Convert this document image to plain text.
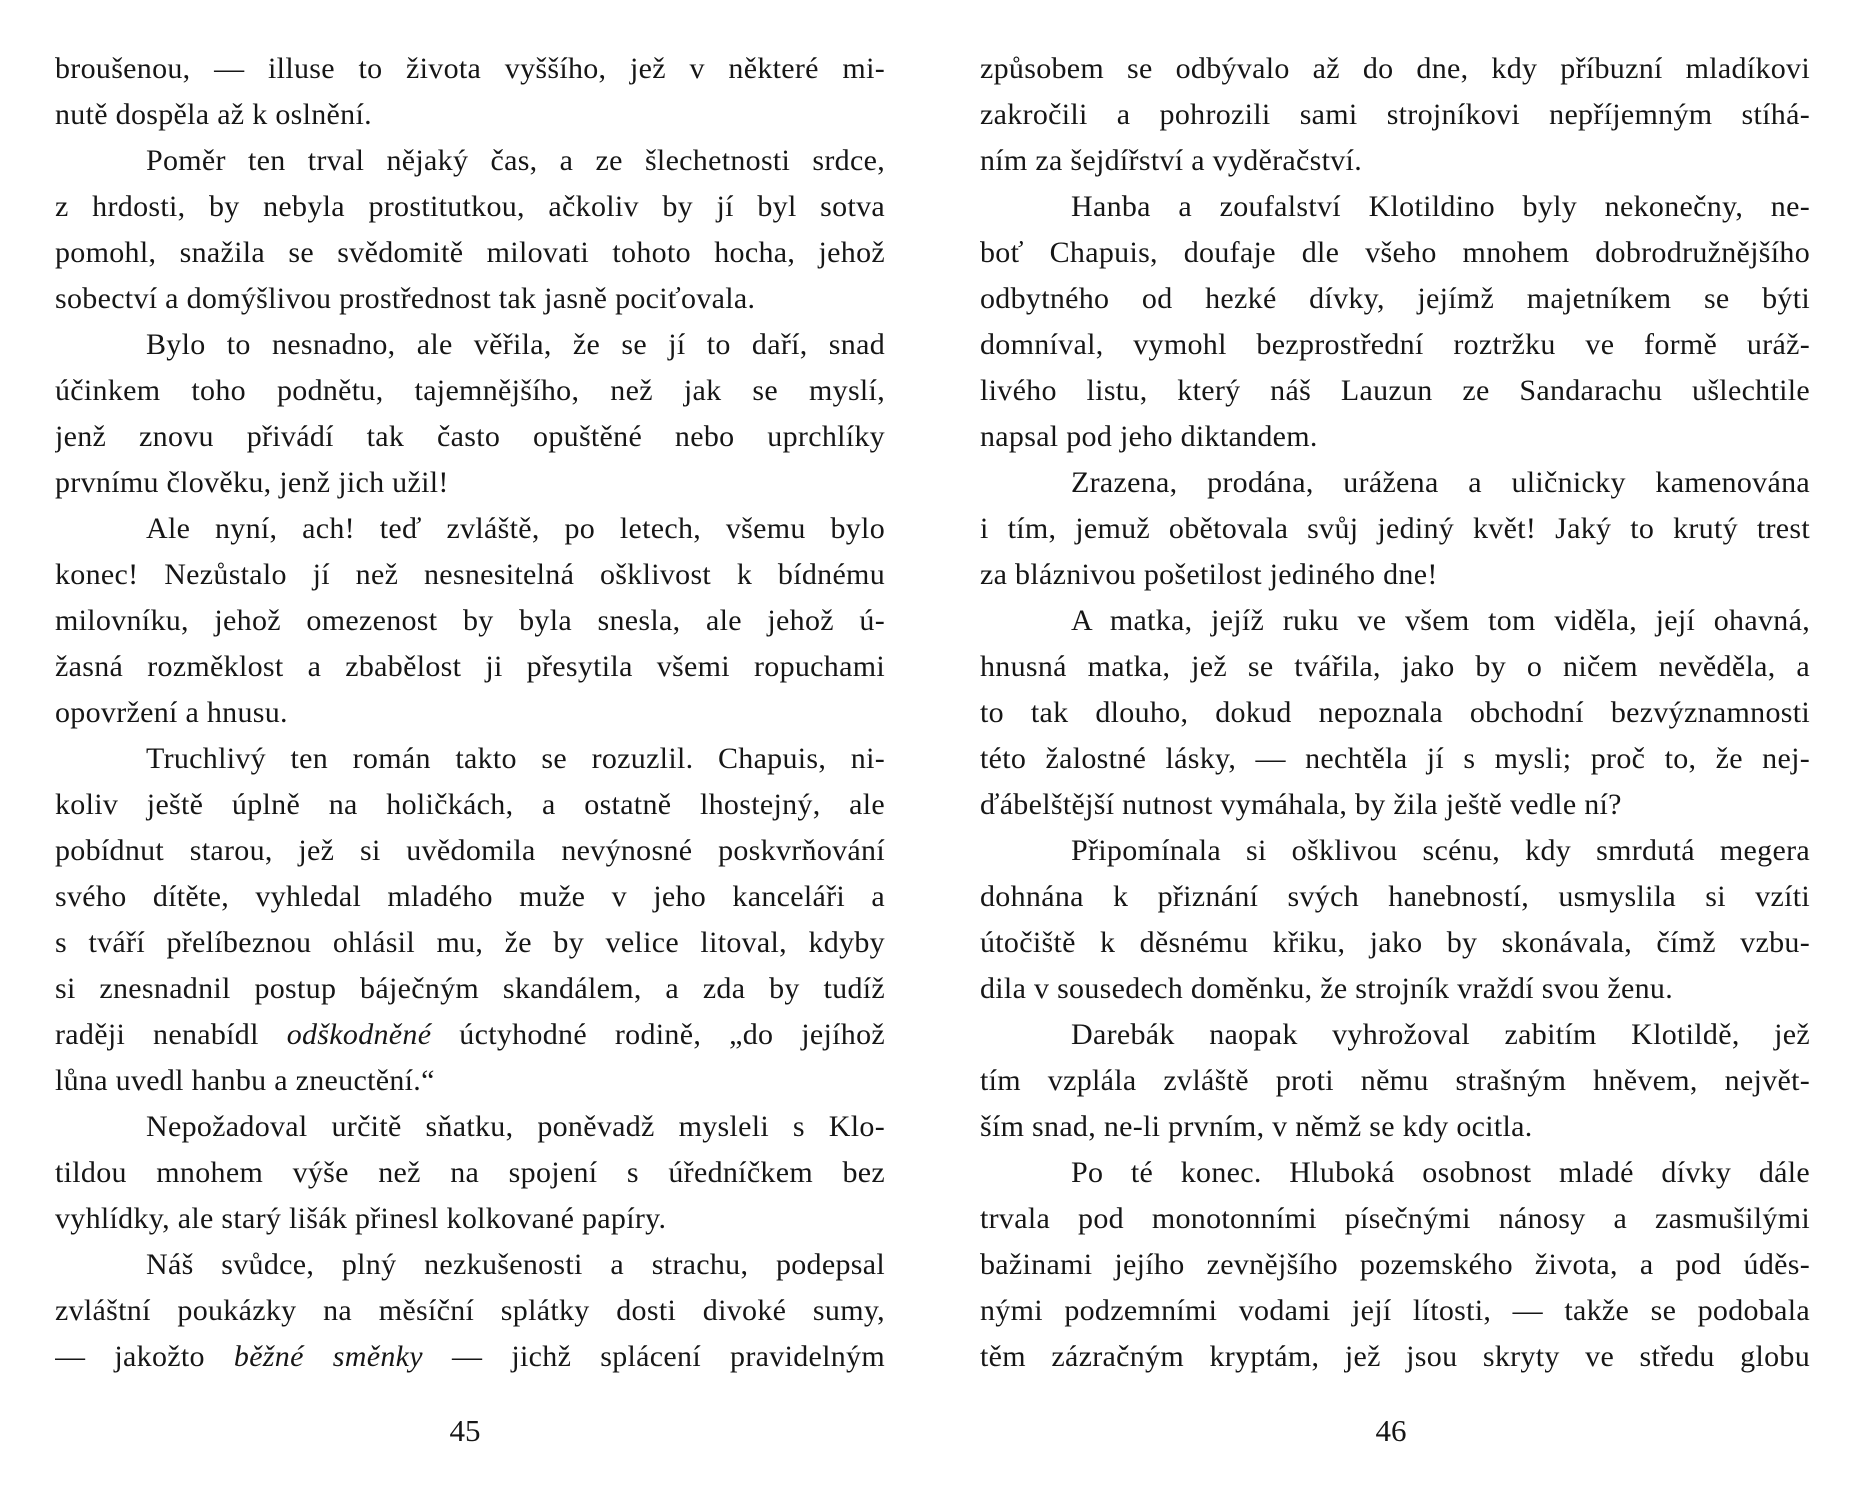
broušenou, — illuse to života vyššího, jež v některé mi-
nutě dospěla až k oslnění.
Poměr ten trval nějaký čas, a ze šlechetnosti srdce,
z hrdosti, by nebyla prostitutkou, ačkoliv by jí byl sotva
pomohl, snažila se svědomitě milovati tohoto hocha, jehož
sobectví a domýšlivou prostřednost tak jasně pociťovala.
Bylo to nesnadno, ale věřila, že se jí to daří, snad
účinkem toho podnětu, tajemnějšího, než jak se myslí,
jenž znovu přivádí tak často opuštěné nebo uprchlíky
prvnímu člověku, jenž jich užil!
Ale nyní, ach! teď zvláště, po letech, všemu bylo
konec! Nezůstalo jí než nesnesitelná ošklivost k bídnému
milovníku, jehož omezenost by byla snesla, ale jehož ú-
žasná rozměklost a zbabělost ji přesytila všemi ropuchami
opovržení a hnusu.
Truchlivý ten román takto se rozuzlil. Chapuis, ni-
koliv ještě úplně na holičkách, a ostatně lhostejný, ale
pobídnut starou, jež si uvědomila nevýnosné poskvrňování
svého dítěte, vyhledal mladého muže v jeho kanceláři a
s tváří přelíbeznou ohlásil mu, že by velice litoval, kdyby
si znesnadnil postup báječným skandálem, a zda by tudíž
raději nenabídl odškodněné úctyhodné rodině, „do jejíhož
lůna uvedl hanbu a zneuctění.“
Nepožadoval určitě sňatku, poněvadž mysleli s Klo-
tildou mnohem výše než na spojení s úředníčkem bez
vyhlídky, ale starý lišák přinesl kolkované papíry.
Náš svůdce, plný nezkušenosti a strachu, podepsal
zvláštní poukázky na měsíční splátky dosti divoké sumy,
— jakožto běžné směnky — jichž splácení pravidelným
způsobem se odbývalo až do dne, kdy příbuzní mladíkovi
zakročili a pohrozili sami strojníkovi nepříjemným stíhá-
ním za šejdířství a vyděračství.
Hanba a zoufalství Klotildino byly nekonečny, ne-
boť Chapuis, doufaje dle všeho mnohem dobrodružnějšího
odbytného od hezké dívky, jejímž majetníkem se býti
domníval, vymohl bezprostřední roztržku ve formě uráž-
livého listu, který náš Lauzun ze Sandarachu ušlechtile
napsal pod jeho diktandem.
Zrazena, prodána, urážena a uličnicky kamenována
i tím, jemuž obětovala svůj jediný květ! Jaký to krutý trest
za bláznivou pošetilost jediného dne!
A matka, jejíž ruku ve všem tom viděla, její ohavná,
hnusná matka, jež se tvářila, jako by o ničem nevěděla, a
to tak dlouho, dokud nepoznala obchodní bezvýznamnosti
této žalostné lásky, — nechtěla jí s mysli; proč to, že nej-
ďábelštější nutnost vymáhala, by žila ještě vedle ní?
Připomínala si ošklivou scénu, kdy smrdutá megera
dohnána k přiznání svých hanebností, usmyslila si vzíti
útočiště k děsnému křiku, jako by skonávala, čímž vzbu-
dila v sousedech doměnku, že strojník vraždí svou ženu.
Darebák naopak vyhrožoval zabitím Klotildě, jež
tím vzplála zvláště proti němu strašným hněvem, největ-
ším snad, ne-li prvním, v němž se kdy ocitla.
Po té konec. Hluboká osobnost mladé dívky dále
trvala pod monotonními písečnými nánosy a zasmušilými
bažinami jejího zevnějšího pozemského života, a pod úděs-
nými podzemními vodami její lítosti, — takže se podobala
těm zázračným kryptám, jež jsou skryty ve středu globu
45	46
